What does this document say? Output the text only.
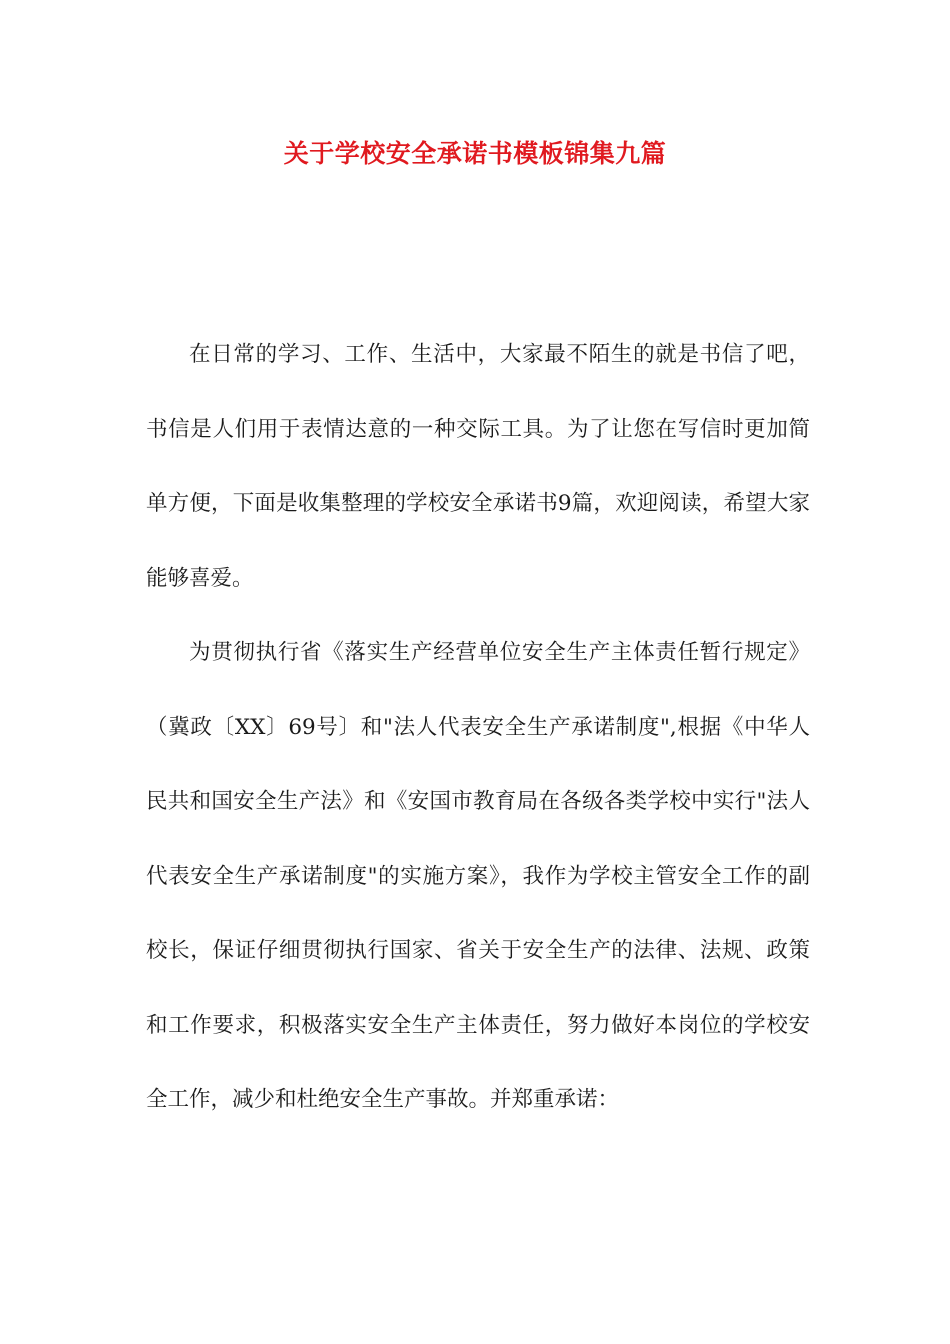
关于学校安全承诺书模板锦集九篇

在日常的学习、工作、生活中，大家最不陌生的就是书信了吧，书信是人们用于表情达意的一种交际工具。为了让您在写信时更加简单方便，下面是收集整理的学校安全承诺书9篇，欢迎阅读，希望大家能够喜爱。

为贯彻执行省《落实生产经营单位安全生产主体责任暂行规定》（冀政〔XX〕69号〕和"法人代表安全生产承诺制度",根据《中华人民共和国安全生产法》和《安国市教育局在各级各类学校中实行"法人代表安全生产承诺制度"的实施方案》，我作为学校主管安全工作的副校长，保证仔细贯彻执行国家、省关于安全生产的法律、法规、政策和工作要求，积极落实安全生产主体责任，努力做好本岗位的学校安全工作，减少和杜绝安全生产事故。并郑重承诺：
